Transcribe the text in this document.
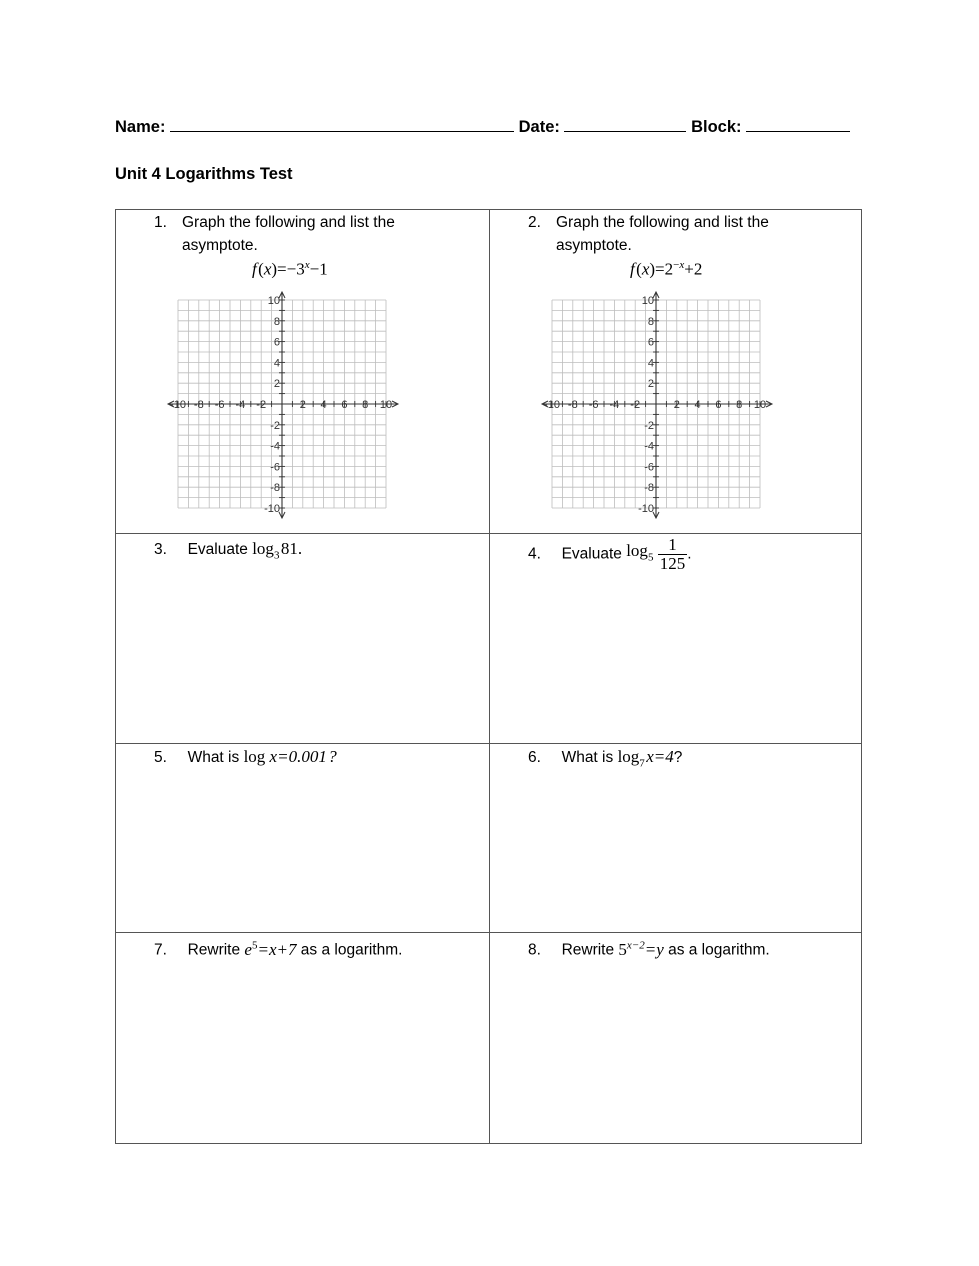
Name:	Date:	Block:
Unit 4 Logarithms Test
1. Graph the following and list the
asymptote.
f $(x)=-3^x-1$
-10 -8 -6 -4 -2	2 4 6 8 10
10
8
6
4
2
-2
-4
-6
-8
-10
2. Graph the following and list the
asymptote.
f $(x)=2^{-x}+2$
-10 -8 -6 -4 -2	2 4 6 8 10
10
8
6
4
2
-2
-4
-6
-8
-10
3. Evaluate $\log_3$ 81.	4. Evaluate $\log_5 \frac{1}{125}$ .
5. What is log x=0.001 ?	6. What is $\log_7$ x=4?
7. Rewrite $e^5=x+7$ as a logarithm.	8. Rewrite $5^{x-2}=y$ as a logarithm.
